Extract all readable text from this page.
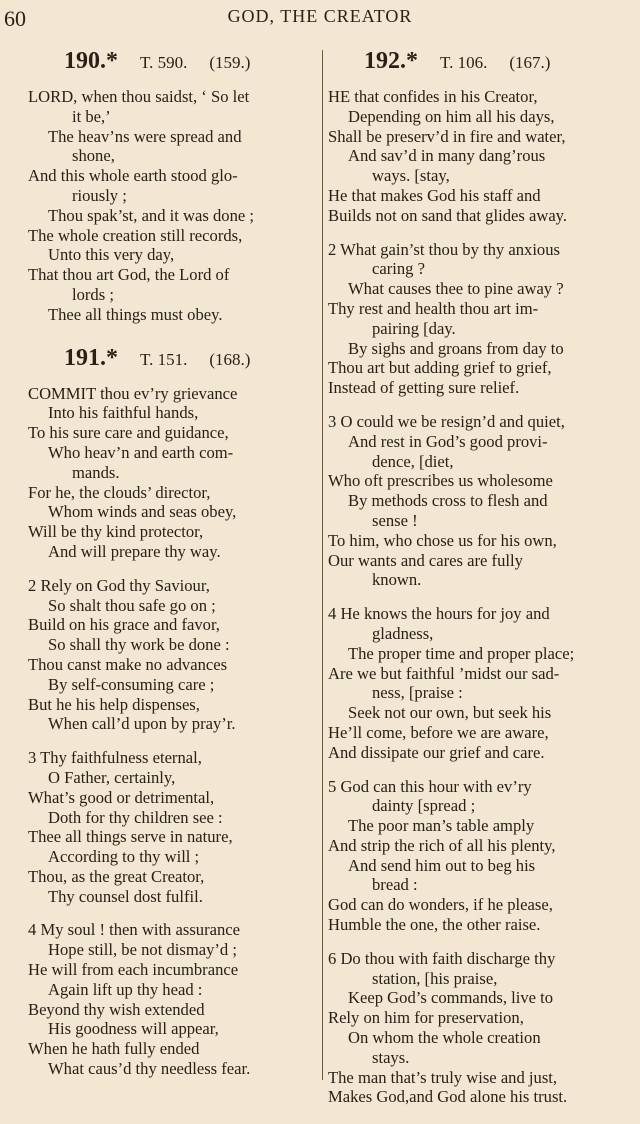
60	GOD, THE CREATOR
190.* T. 590. (159.)
LORD, when thou saidst, ‘ So let
it be,’
The heav’ns were spread and
shone,
And this whole earth stood glo-
riously ;
Thou spak’st, and it was done ;
The whole creation still records,
Unto this very day,
That thou art God, the Lord of
lords ;
Thee all things must obey.
191.* T. 151. (168.)
COMMIT thou ev’ry grievance
Into his faithful hands,
To his sure care and guidance,
Who heav’n and earth com-
mands.
For he, the clouds’ director,
Whom winds and seas obey,
Will be thy kind protector,
And will prepare thy way.
2 Rely on God thy Saviour,
So shalt thou safe go on ;
Build on his grace and favor,
So shall thy work be done :
Thou canst make no advances
By self-consuming care ;
But he his help dispenses,
When call’d upon by pray’r.
3 Thy faithfulness eternal,
O Father, certainly,
What’s good or detrimental,
Doth for thy children see :
Thee all things serve in nature,
According to thy will ;
Thou, as the great Creator,
Thy counsel dost fulfil.
4 My soul ! then with assurance
Hope still, be not dismay’d ;
He will from each incumbrance
Again lift up thy head :
Beyond thy wish extended
His goodness will appear,
When he hath fully ended
What caus’d thy needless fear.
192.* T. 106. (167.)
HE that confides in his Creator,
Depending on him all his days,
Shall be preserv’d in fire and water,
And sav’d in many dang’rous
ways. [stay,
He that makes God his staff and
Builds not on sand that glides away.
2 What gain’st thou by thy anxious
caring ?
What causes thee to pine away ?
Thy rest and health thou art im-
pairing [day.
By sighs and groans from day to
Thou art but adding grief to grief,
Instead of getting sure relief.
3 O could we be resign’d and quiet,
And rest in God’s good provi-
dence, [diet,
Who oft prescribes us wholesome
By methods cross to flesh and
sense !
To him, who chose us for his own,
Our wants and cares are fully
known.
4 He knows the hours for joy and
gladness,
The proper time and proper place;
Are we but faithful ’midst our sad-
ness, [praise :
Seek not our own, but seek his
He’ll come, before we are aware,
And dissipate our grief and care.
5 God can this hour with ev’ry
dainty [spread ;
The poor man’s table amply
And strip the rich of all his plenty,
And send him out to beg his
bread :
God can do wonders, if he please,
Humble the one, the other raise.
6 Do thou with faith discharge thy
station, [his praise,
Keep God’s commands, live to
Rely on him for preservation,
On whom the whole creation
stays.
The man that’s truly wise and just,
Makes God,and God alone his trust.
